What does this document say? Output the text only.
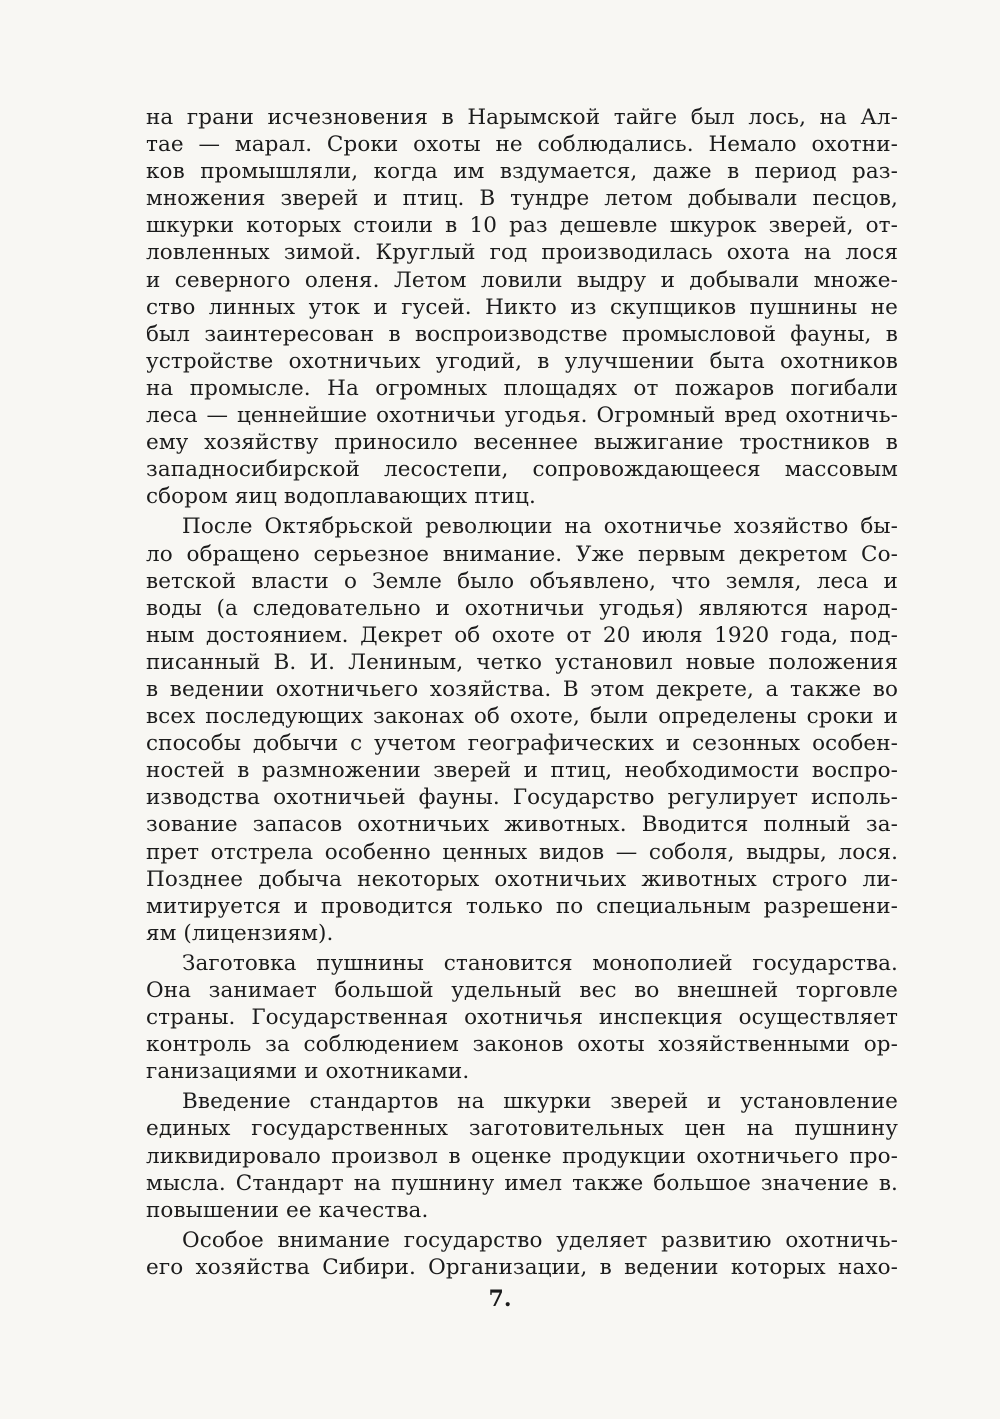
на грани исчезновения в Нарымской тайге был лось, на Ал-
тае — марал. Сроки охоты не соблюдались. Немало охотни-
ков промышляли, когда им вздумается, даже в период раз-
множения зверей и птиц. В тундре летом добывали песцов,
шкурки которых стоили в 10 раз дешевле шкурок зверей, от-
ловленных зимой. Круглый год производилась охота на лося
и северного оленя. Летом ловили выдру и добывали множе-
ство линных уток и гусей. Никто из скупщиков пушнины не
был заинтересован в воспроизводстве промысловой фауны, в
устройстве охотничьих угодий, в улучшении быта охотников
на промысле. На огромных площадях от пожаров погибали
леса — ценнейшие охотничьи угодья. Огромный вред охотничь-
ему хозяйству приносило весеннее выжигание тростников в
западносибирской лесостепи, сопровождающееся массовым
сбором яиц водоплавающих птиц.
После Октябрьской революции на охотничье хозяйство бы-
ло обращено серьезное внимание. Уже первым декретом Со-
ветской власти о Земле было объявлено, что земля, леса и
воды (а следовательно и охотничьи угодья) являются народ-
ным достоянием. Декрет об охоте от 20 июля 1920 года, под-
писанный В. И. Лениным, четко установил новые положения
в ведении охотничьего хозяйства. В этом декрете, а также во
всех последующих законах об охоте, были определены сроки и
способы добычи с учетом географических и сезонных особен-
ностей в размножении зверей и птиц, необходимости воспро-
изводства охотничьей фауны. Государство регулирует исполь-
зование запасов охотничьих животных. Вводится полный за-
прет отстрела особенно ценных видов — соболя, выдры, лося.
Позднее добыча некоторых охотничьих животных строго ли-
митируется и проводится только по специальным разрешени-
ям (лицензиям).
Заготовка пушнины становится монополией государства.
Она занимает большой удельный вес во внешней торговле
страны. Государственная охотничья инспекция осуществляет
контроль за соблюдением законов охоты хозяйственными ор-
ганизациями и охотниками.
Введение стандартов на шкурки зверей и установление
единых государственных заготовительных цен на пушнину
ликвидировало произвол в оценке продукции охотничьего про-
мысла. Стандарт на пушнину имел также большое значение в.
повышении ее качества.
Особое внимание государство уделяет развитию охотничь-
его хозяйства Сибири. Организации, в ведении которых нахо-
7.
